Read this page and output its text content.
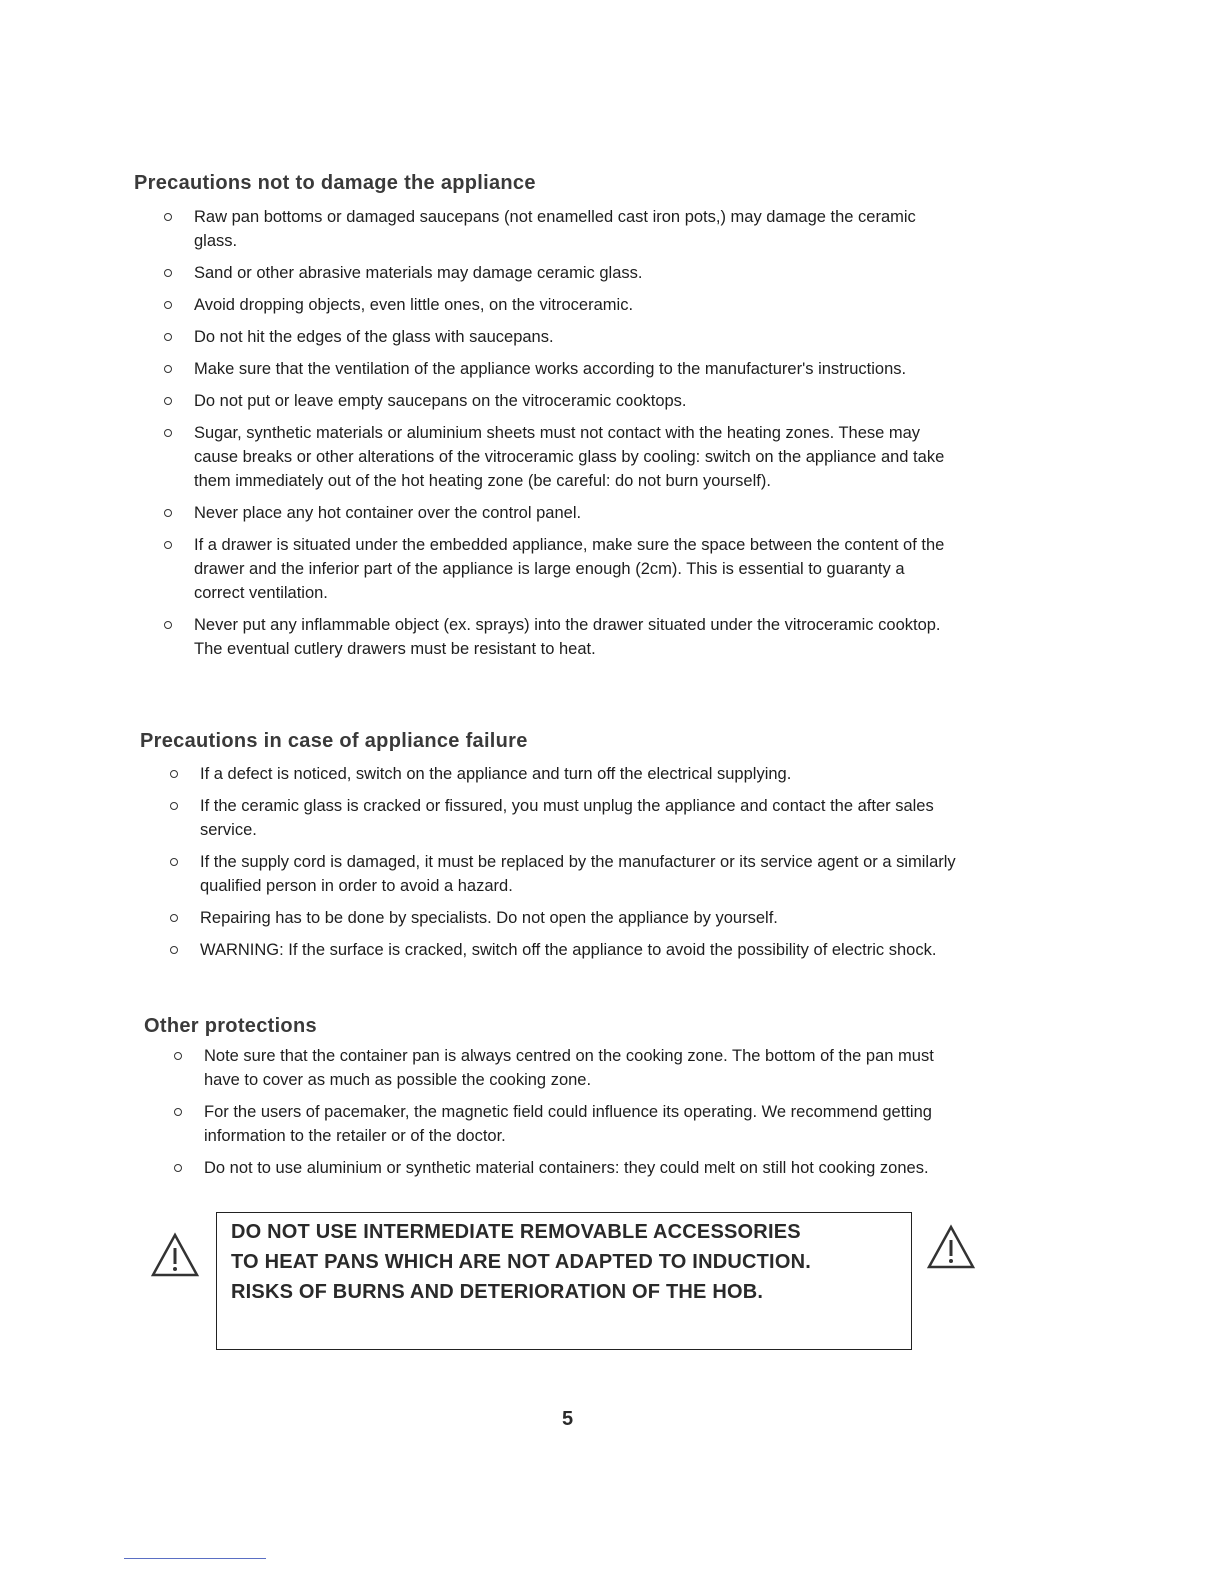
Precautions not to damage the appliance
Raw pan bottoms or damaged saucepans (not enamelled cast iron pots,) may damage the ceramic glass.
Sand or other abrasive materials may damage ceramic glass.
Avoid dropping objects, even little ones, on the vitroceramic.
Do not hit the edges of the glass with saucepans.
Make sure that the ventilation of the appliance works according to the manufacturer's instructions.
Do not put or leave empty saucepans on the vitroceramic cooktops.
Sugar, synthetic materials or aluminium sheets must not contact with the heating zones. These may cause breaks or other alterations of the vitroceramic glass by cooling: switch on the appliance and take them immediately out of the hot heating zone (be careful: do not burn yourself).
Never place any hot container over the control panel.
If a drawer is situated under the embedded appliance, make sure the space between the content of the drawer and the inferior part of the appliance is large enough (2cm). This is essential to guaranty a correct ventilation.
Never put any inflammable object (ex. sprays) into the drawer situated under the vitroceramic cooktop. The eventual cutlery drawers must be resistant to heat.
Precautions in case of appliance failure
If a defect is noticed, switch on the appliance and turn off the electrical supplying.
If the ceramic glass is cracked or fissured, you must unplug the appliance and contact the after sales service.
If the supply cord is damaged, it must be replaced by the manufacturer or its service agent or a similarly qualified person in order to avoid a hazard.
Repairing has to be done by specialists. Do not open the appliance by yourself.
WARNING: If the surface is cracked, switch off the appliance to avoid the possibility of electric shock.
Other protections
Note sure that the container pan is always centred on the cooking zone. The bottom of the pan must have to cover as much as possible the cooking zone.
For the users of pacemaker, the magnetic field could influence its operating. We recommend getting information to the retailer or of the doctor.
Do not to use aluminium or synthetic material containers: they could melt on still hot cooking zones.
DO NOT USE INTERMEDIATE REMOVABLE ACCESSORIES
TO HEAT PANS WHICH ARE NOT ADAPTED TO INDUCTION.
RISKS OF BURNS AND DETERIORATION OF THE HOB.
5
